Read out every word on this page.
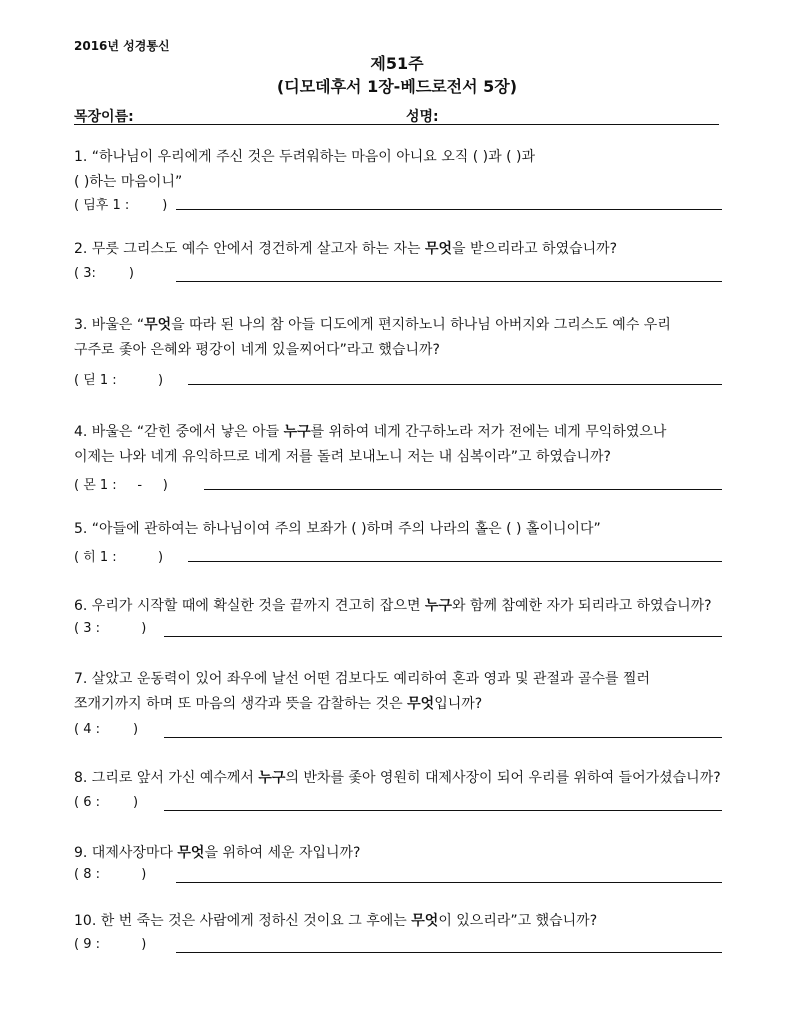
2016년 성경통신
제51주
(디모데후서 1장-베드로전서 5장)
목장이름:	성명:
1. “하나님이 우리에게 주신 것은 두려워하는 마음이 아니요 오직 ( )과 ( )과
( )하는 마음이니”
( 딤후 1 :        )
2. 무릇 그리스도 예수 안에서 경건하게 살고자 하는 자는 무엇을 받으리라고 하였습니까?
( 3:        )
3. 바울은 “무엇을 따라 된 나의 참 아들 디도에게 편지하노니 하나님 아버지와 그리스도 예수 우리
구주로 좇아 은혜와 평강이 네게 있을찌어다”라고 했습니까?
( 딛 1 :          )
4. 바울은 “갇힌 중에서 낳은 아들 누구를 위하여 네게 간구하노라 저가 전에는 네게 무익하였으나
이제는 나와 네게 유익하므로 네게 저를 돌려 보내노니 저는 내 심복이라”고 하였습니까?
( 몬 1 :     -     )
5. “아들에 관하여는 하나님이여 주의 보좌가 ( )하며 주의 나라의 홀은 ( ) 홀이니이다”
( 히 1 :          )
6. 우리가 시작할 때에 확실한 것을 끝까지 견고히 잡으면 누구와 함께 참예한 자가 되리라고 하였습니까?
( 3 :          )
7. 살았고 운동력이 있어 좌우에 날선 어떤 검보다도 예리하여 혼과 영과 및 관절과 골수를 찔러
쪼개기까지 하며 또 마음의 생각과 뜻을 감찰하는 것은 무엇입니까?
( 4 :        )
8. 그리로 앞서 가신 예수께서 누구의 반차를 좇아 영원히 대제사장이 되어 우리를 위하여 들어가셨습니까?
( 6 :        )
9. 대제사장마다 무엇을 위하여 세운 자입니까?
( 8 :          )
10. 한 번 죽는 것은 사람에게 정하신 것이요 그 후에는 무엇이 있으리라”고 했습니까?
( 9 :          )
